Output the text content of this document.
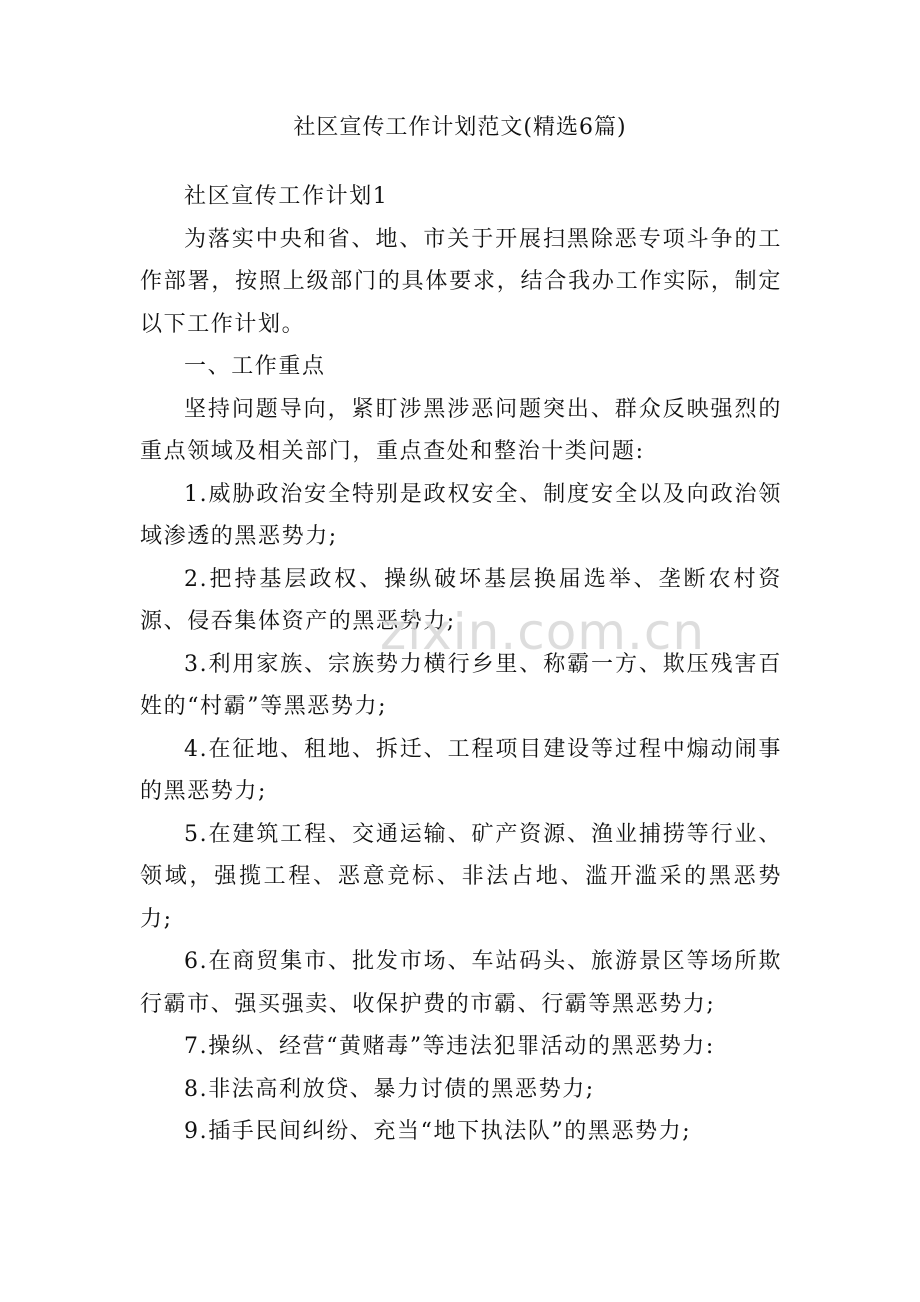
社区宣传工作计划范文(精选6篇)

社区宣传工作计划1

为落实中央和省、地、市关于开展扫黑除恶专项斗争的工作部署，按照上级部门的具体要求，结合我办工作实际，制定以下工作计划。

一、工作重点

坚持问题导向，紧盯涉黑涉恶问题突出、群众反映强烈的重点领域及相关部门，重点查处和整治十类问题:

1.威胁政治安全特别是政权安全、制度安全以及向政治领域渗透的黑恶势力;

2.把持基层政权、操纵破坏基层换届选举、垄断农村资源、侵吞集体资产的黑恶势力;

3.利用家族、宗族势力横行乡里、称霸一方、欺压残害百姓的“村霸”等黑恶势力;

4.在征地、租地、拆迁、工程项目建设等过程中煽动闹事的黑恶势力;

5.在建筑工程、交通运输、矿产资源、渔业捕捞等行业、领域，强揽工程、恶意竞标、非法占地、滥开滥采的黑恶势力;

6.在商贸集市、批发市场、车站码头、旅游景区等场所欺行霸市、强买强卖、收保护费的市霸、行霸等黑恶势力;

7.操纵、经营“黄赌毒”等违法犯罪活动的黑恶势力:

8.非法高利放贷、暴力讨债的黑恶势力;

9.插手民间纠纷、充当“地下执法队”的黑恶势力;

zixin.com.cn
